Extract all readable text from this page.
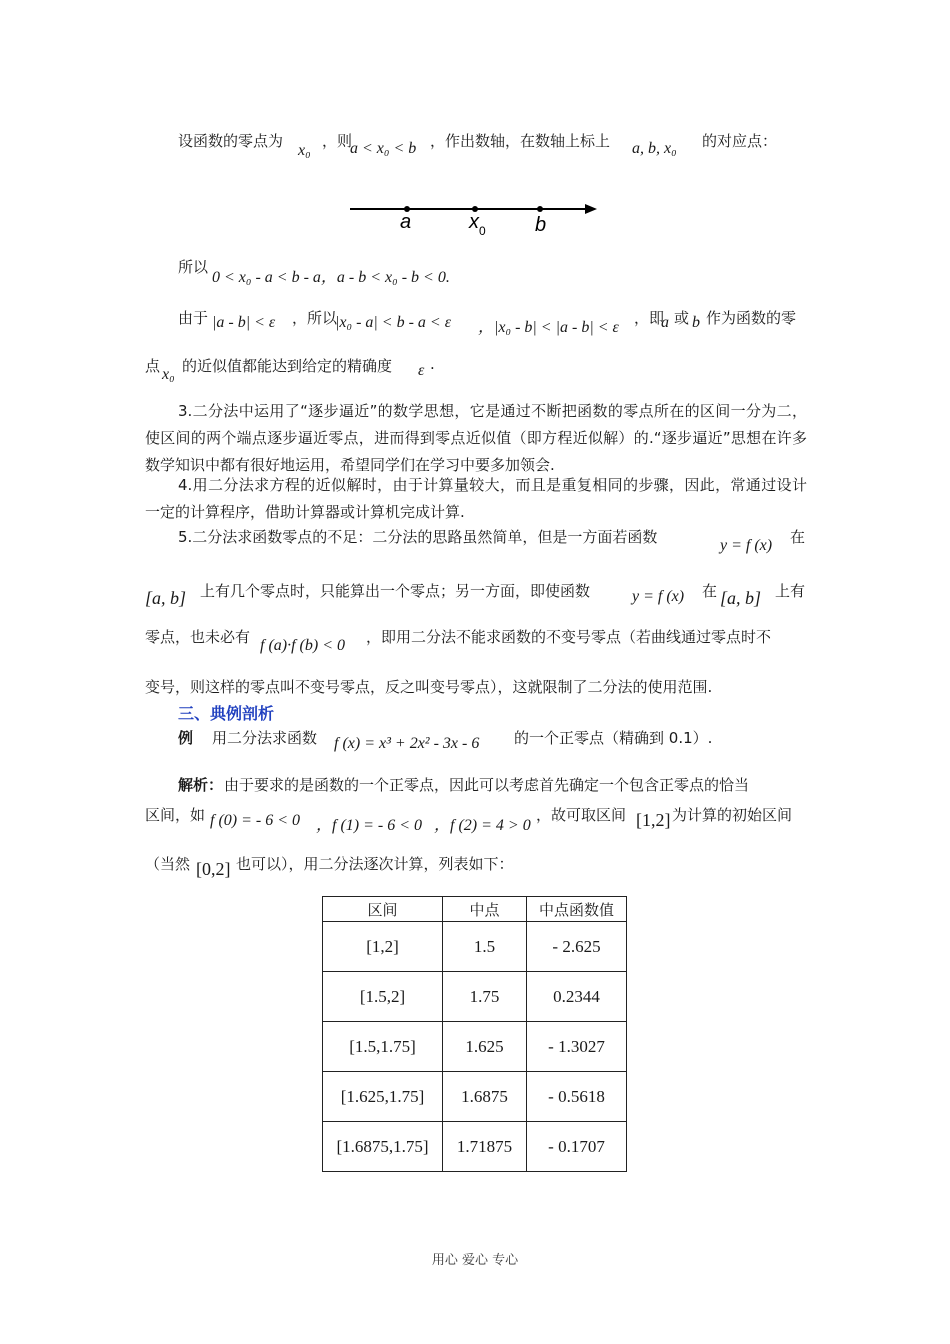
设函数的零点为
x₀
，则
a < x₀ < b ，作出数轴，在数轴上标上 a, b, x₀ 的对应点：
a	x 0 b
所以
0 < x₀ - a < b - a，a - b < x₀ - b < 0.
由于 |a - b| < ε ，所以
|x₀ - a| < b - a < ε ，|x₀ - b| < |a - b| < ε
，即
a 或 b 作为函数的零
点 x₀ 的近似值都能达到给定的精确度 ε .
3.二分法中运用了“逐步逼近”的数学思想，它是通过不断把函数的零点所在的区间一分为二，使区间的两个端点逐步逼近零点，进而得到零点近似值（即方程近似解）的.“逐步逼近”思想在许多数学知识中都有很好地运用，希望同学们在学习中要多加领会.
4.用二分法求方程的近似解时，由于计算量较大，而且是重复相同的步骤，因此，常通过设计一定的计算程序，借助计算器或计算机完成计算.
5.二分法求函数零点的不足：二分法的思路虽然简单，但是一方面若函数	y = f (x) 在
[a, b] 上有几个零点时，只能算出一个零点；另一方面，即使函数	y = f (x) 在 [a, b] 上有
零点，也未必有 f (a)·f (b) < 0 ，即用二分法不能求函数的不变号零点（若曲线通过零点时不
变号，则这样的零点叫不变号零点，反之叫变号零点），这就限制了二分法的使用范围.
三、典例剖析
例 用二分法求函数 f (x) = x³ + 2x² - 3x - 6 的一个正零点（精确到 0.1）.
解析： 由于要求的是函数的一个正零点，因此可以考虑首先确定一个包含正零点的恰当
区间，如 f (0) = - 6 < 0 ，f (1) = - 6 < 0 ，f (2) = 4 > 0
，故可取区间 [1,2] 为计算的初始区间
（当然 [0,2] 也可以），用二分法逐次计算，列表如下：
区间	中点	中点函数值
[1,2]	1.5	- 2.625
[1.5,2]	1.75	0.2344
[1.5,1.75]	1.625	- 1.3027
[1.625,1.75]	1.6875	- 0.5618
[1.6875,1.75]	1.71875	- 0.1707
用心 爱心 专心
